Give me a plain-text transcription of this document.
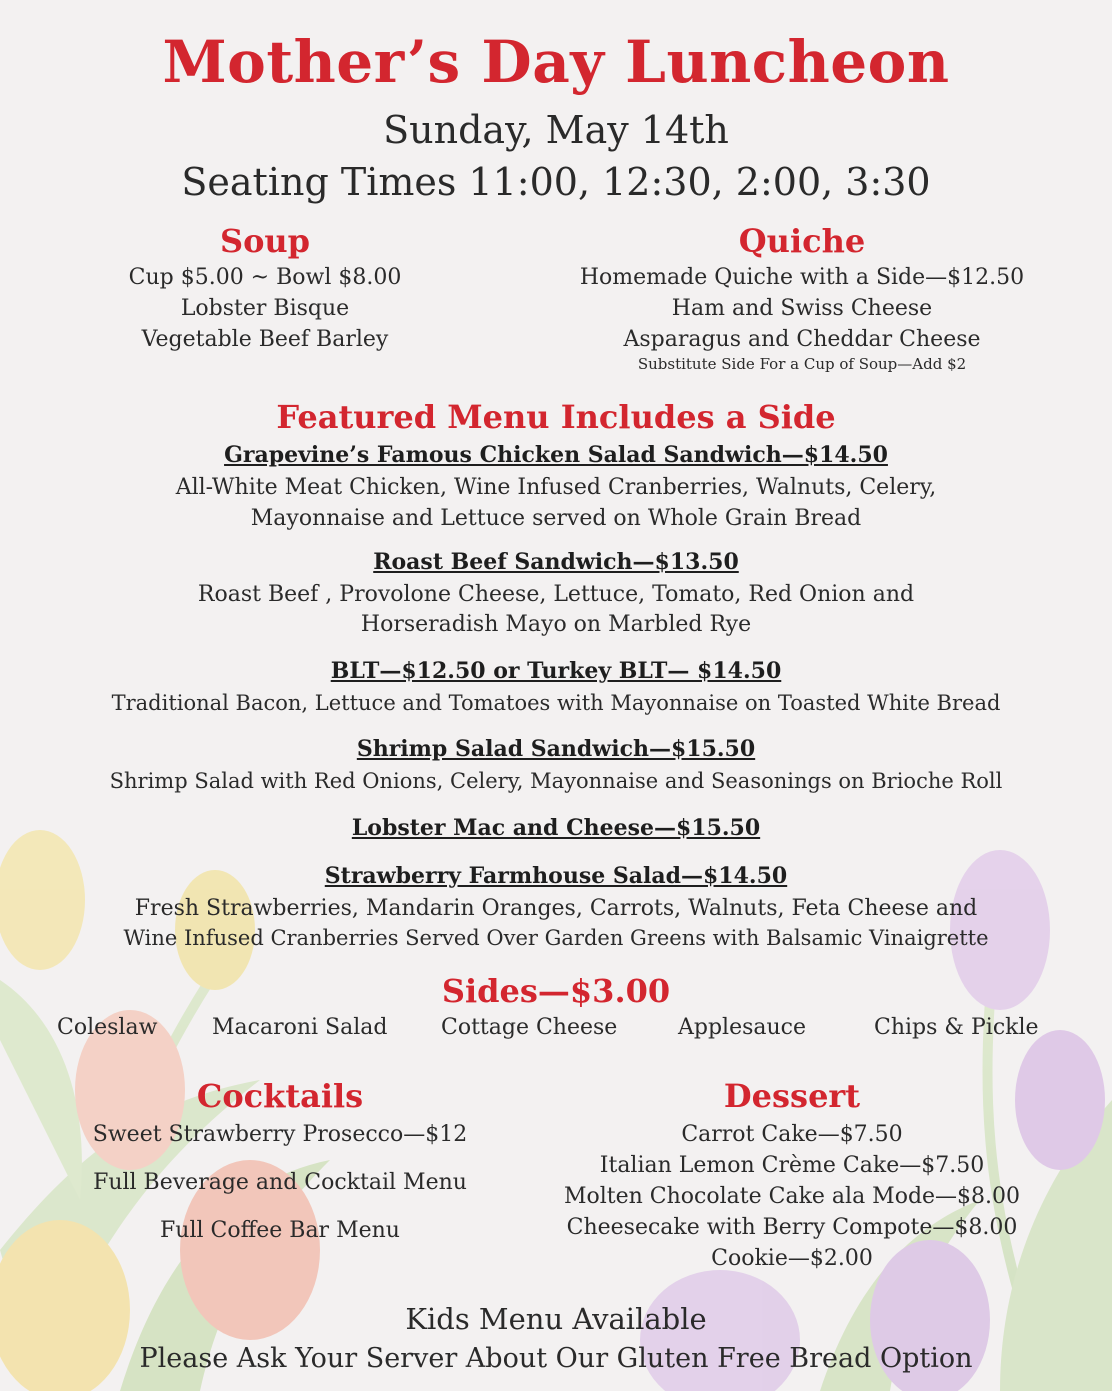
Mother’s Day Luncheon
Sunday, May 14th
Seating Times 11:00, 12:30, 2:00, 3:30
Soup
Cup $5.00 ~ Bowl $8.00
Lobster Bisque
Vegetable Beef Barley
Quiche
Homemade Quiche with a Side—$12.50
Ham and Swiss Cheese
Asparagus and Cheddar Cheese
Substitute Side For a Cup of Soup—Add $2
Featured Menu Includes a Side
Grapevine’s Famous Chicken Salad Sandwich—$14.50
All-White Meat Chicken, Wine Infused Cranberries, Walnuts, Celery,
Mayonnaise and Lettuce served on Whole Grain Bread
Roast Beef Sandwich—$13.50
Roast Beef , Provolone Cheese, Lettuce, Tomato, Red Onion and
Horseradish Mayo on Marbled Rye
BLT—$12.50 or Turkey BLT— $14.50
Traditional Bacon, Lettuce and Tomatoes with Mayonnaise on Toasted White Bread
Shrimp Salad Sandwich—$15.50
Shrimp Salad with Red Onions, Celery, Mayonnaise and Seasonings on Brioche Roll
Lobster Mac and Cheese—$15.50
Strawberry Farmhouse Salad—$14.50
Fresh Strawberries, Mandarin Oranges, Carrots, Walnuts, Feta Cheese and
Wine Infused Cranberries Served Over Garden Greens with Balsamic Vinaigrette
Sides—$3.00
Coleslaw Macaroni Salad Cottage Cheese	Applesauce	Chips & Pickle
Cocktails
Sweet Strawberry Prosecco—$12
Full Beverage and Cocktail Menu
Full Coffee Bar Menu
Dessert
Carrot Cake—$7.50
Italian Lemon Crème Cake—$7.50
Molten Chocolate Cake ala Mode—$8.00
Cheesecake with Berry Compote—$8.00
Cookie—$2.00
Kids Menu Available
Please Ask Your Server About Our Gluten Free Bread Option
